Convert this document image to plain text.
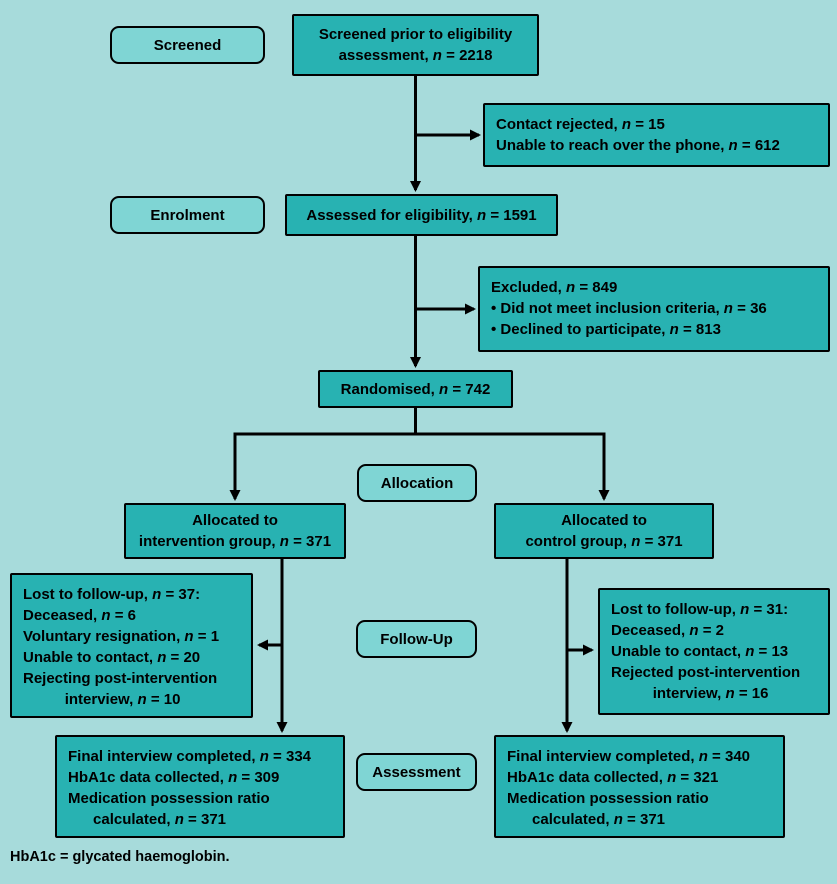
Screened
Enrolment
Allocation
Follow-Up
Assessment
Screened prior to eligibility
assessment, n = 2218
Contact rejected, n = 15
Unable to reach over the phone, n = 612
Assessed for eligibility, n = 1591
Excluded, n = 849
• Did not meet inclusion criteria, n = 36
• Declined to participate, n = 813
Randomised, n = 742
Allocated to
intervention group, n = 371
Allocated to
control group, n = 371
Lost to follow-up, n = 37:
Deceased, n = 6
Voluntary resignation, n = 1
Unable to contact, n = 20
Rejecting post-intervention
interview, n = 10
Lost to follow-up, n = 31:
Deceased, n = 2
Unable to contact, n = 13
Rejected post-intervention
interview, n = 16
Final interview completed, n = 334
HbA1c data collected, n = 309
Medication possession ratio
calculated, n = 371
Final interview completed, n = 340
HbA1c data collected, n = 321
Medication possession ratio
calculated, n = 371
HbA1c = glycated haemoglobin.
